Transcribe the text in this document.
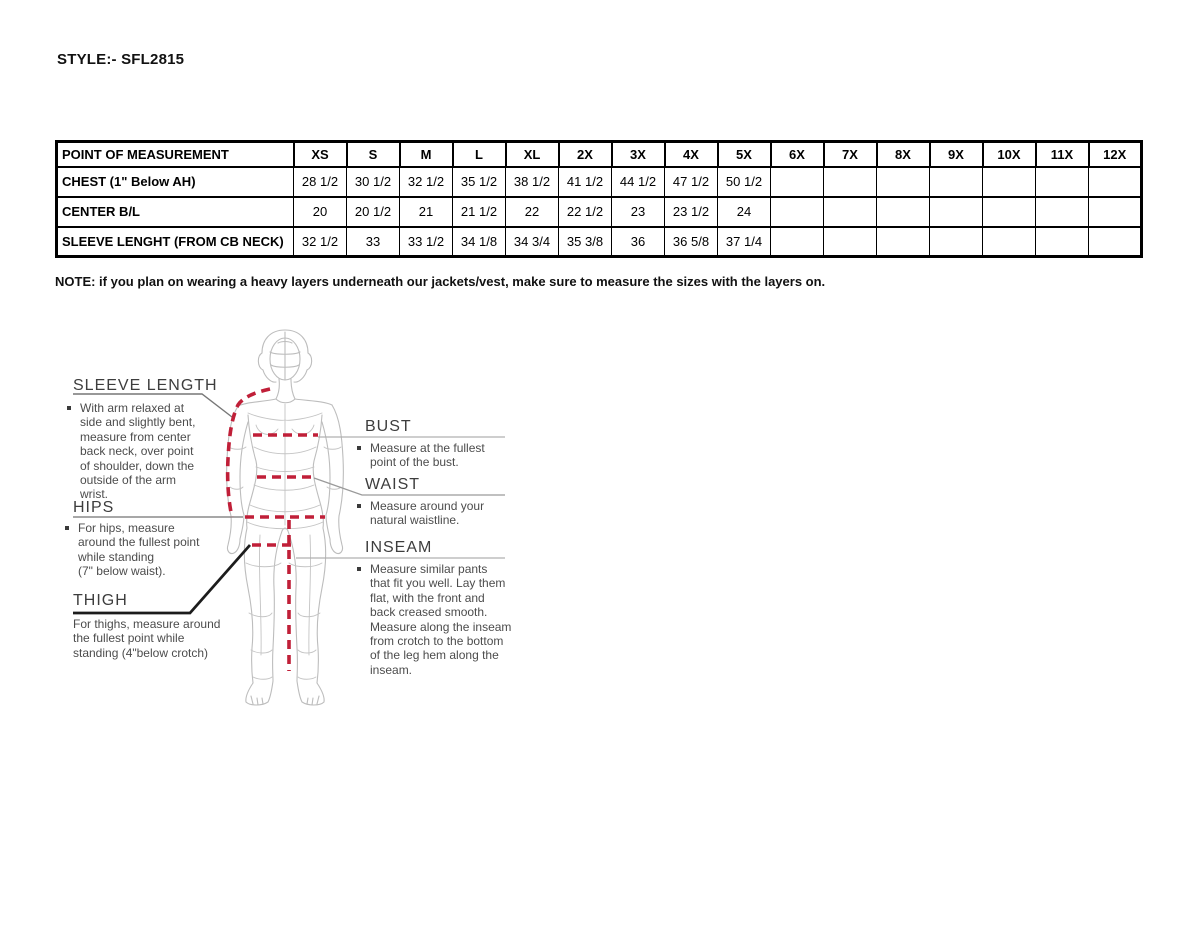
STYLE:- SFL2815
POINT OF MEASUREMENT	XS	S	M	L	XL	2X	3X	4X	5X	6X	7X	8X	9X	10X	11X	12X
CHEST (1" Below AH)	28 1/2	30 1/2	32 1/2	35 1/2	38 1/2	41 1/2	44 1/2	47 1/2	50 1/2							
CENTER B/L	20	20 1/2	21	21 1/2	22	22 1/2	23	23 1/2	24							
SLEEVE LENGHT (FROM CB NECK)	32 1/2	33	33 1/2	34 1/8	34 3/4	35 3/8	36	36 5/8	37 1/4							
NOTE: if you plan on wearing a heavy layers underneath our jackets/vest, make sure to measure the sizes with the layers on.
SLEEVE LENGTH
With arm relaxed at
side and slightly bent,
measure from center
back neck, over point
of shoulder, down the
outside of the arm
wrist.
HIPS
For hips, measure
around the fullest point
while standing
(7" below waist).
THIGH
For thighs, measure around
the fullest point while
standing (4"below crotch)
BUST
Measure at the fullest
point of the bust.
WAIST
Measure around your
natural waistline.
INSEAM
Measure similar pants
that fit you well. Lay them
flat, with the front and
back creased smooth.
Measure along the inseam
from crotch to the bottom
of the leg hem along the
inseam.
